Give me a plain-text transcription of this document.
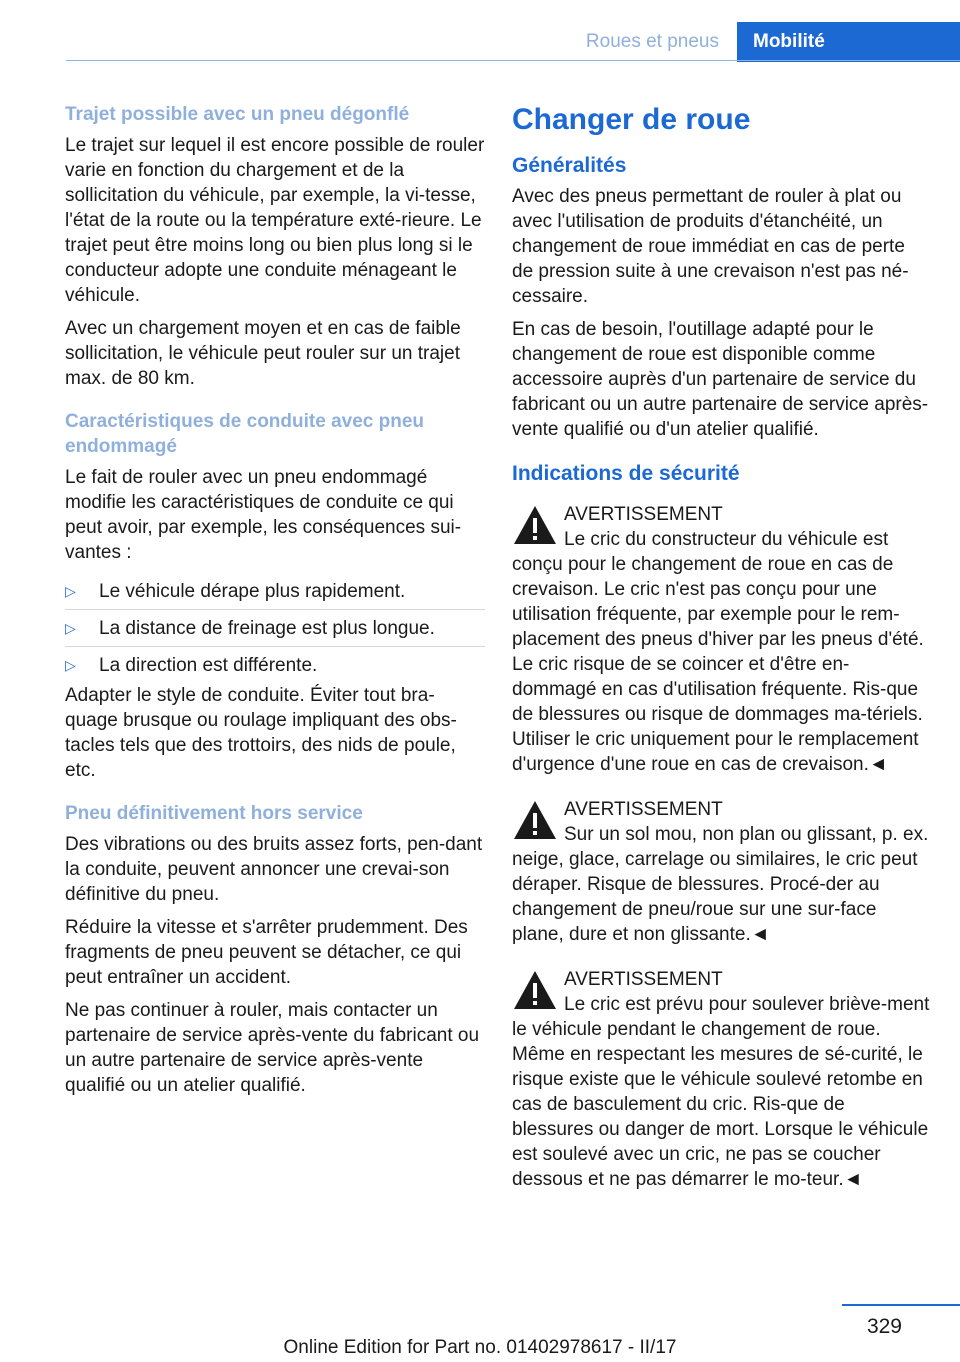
Roues et pneus	Mobilité
Trajet possible avec un pneu dégonflé

Le trajet sur lequel il est encore possible de rouler varie en fonction du chargement et de la sollicitation du véhicule, par exemple, la vi-tesse, l'état de la route ou la température exté-rieure. Le trajet peut être moins long ou bien plus long si le conducteur adopte une conduite ménageant le véhicule.

Avec un chargement moyen et en cas de faible sollicitation, le véhicule peut rouler sur un trajet max. de 80 km.

Caractéristiques de conduite avec pneu endommagé

Le fait de rouler avec un pneu endommagé modifie les caractéristiques de conduite ce qui peut avoir, par exemple, les conséquences sui-vantes :

▷	Le véhicule dérape plus rapidement.
▷	La distance de freinage est plus longue.
▷	La direction est différente.

Adapter le style de conduite. Éviter tout bra-quage brusque ou roulage impliquant des obs-tacles tels que des trottoirs, des nids de poule, etc.

Pneu définitivement hors service

Des vibrations ou des bruits assez forts, pen-dant la conduite, peuvent annoncer une crevai-son définitive du pneu.

Réduire la vitesse et s'arrêter prudemment. Des fragments de pneu peuvent se détacher, ce qui peut entraîner un accident.

Ne pas continuer à rouler, mais contacter un partenaire de service après-vente du fabricant ou un autre partenaire de service après-vente qualifié ou un atelier qualifié.

Changer de roue
Généralités

Avec des pneus permettant de rouler à plat ou avec l'utilisation de produits d'étanchéité, un changement de roue immédiat en cas de perte de pression suite à une crevaison n'est pas né-cessaire.

En cas de besoin, l'outillage adapté pour le changement de roue est disponible comme accessoire auprès d'un partenaire de service du fabricant ou un autre partenaire de service après-vente qualifié ou d'un atelier qualifié.

Indications de sécurité
AVERTISSEMENT
Le cric du constructeur du véhicule est conçu pour le changement de roue en cas de crevaison. Le cric n'est pas conçu pour une utilisation fréquente, par exemple pour le rem-placement des pneus d'hiver par les pneus d'été. Le cric risque de se coincer et d'être en-dommagé en cas d'utilisation fréquente. Ris-que de blessures ou risque de dommages ma-tériels. Utiliser le cric uniquement pour le remplacement d'urgence d'une roue en cas de crevaison.◄
AVERTISSEMENT
Sur un sol mou, non plan ou glissant, p. ex. neige, glace, carrelage ou similaires, le cric peut déraper. Risque de blessures. Procé-der au changement de pneu/roue sur une sur-face plane, dure et non glissante.◄
AVERTISSEMENT
Le cric est prévu pour soulever briève-ment le véhicule pendant le changement de roue. Même en respectant les mesures de sé-curité, le risque existe que le véhicule soulevé retombe en cas de basculement du cric. Ris-que de blessures ou danger de mort. Lorsque le véhicule est soulevé avec un cric, ne pas se coucher dessous et ne pas démarrer le mo-teur.◄
329
Online Edition for Part no. 01402978617 - II/17
